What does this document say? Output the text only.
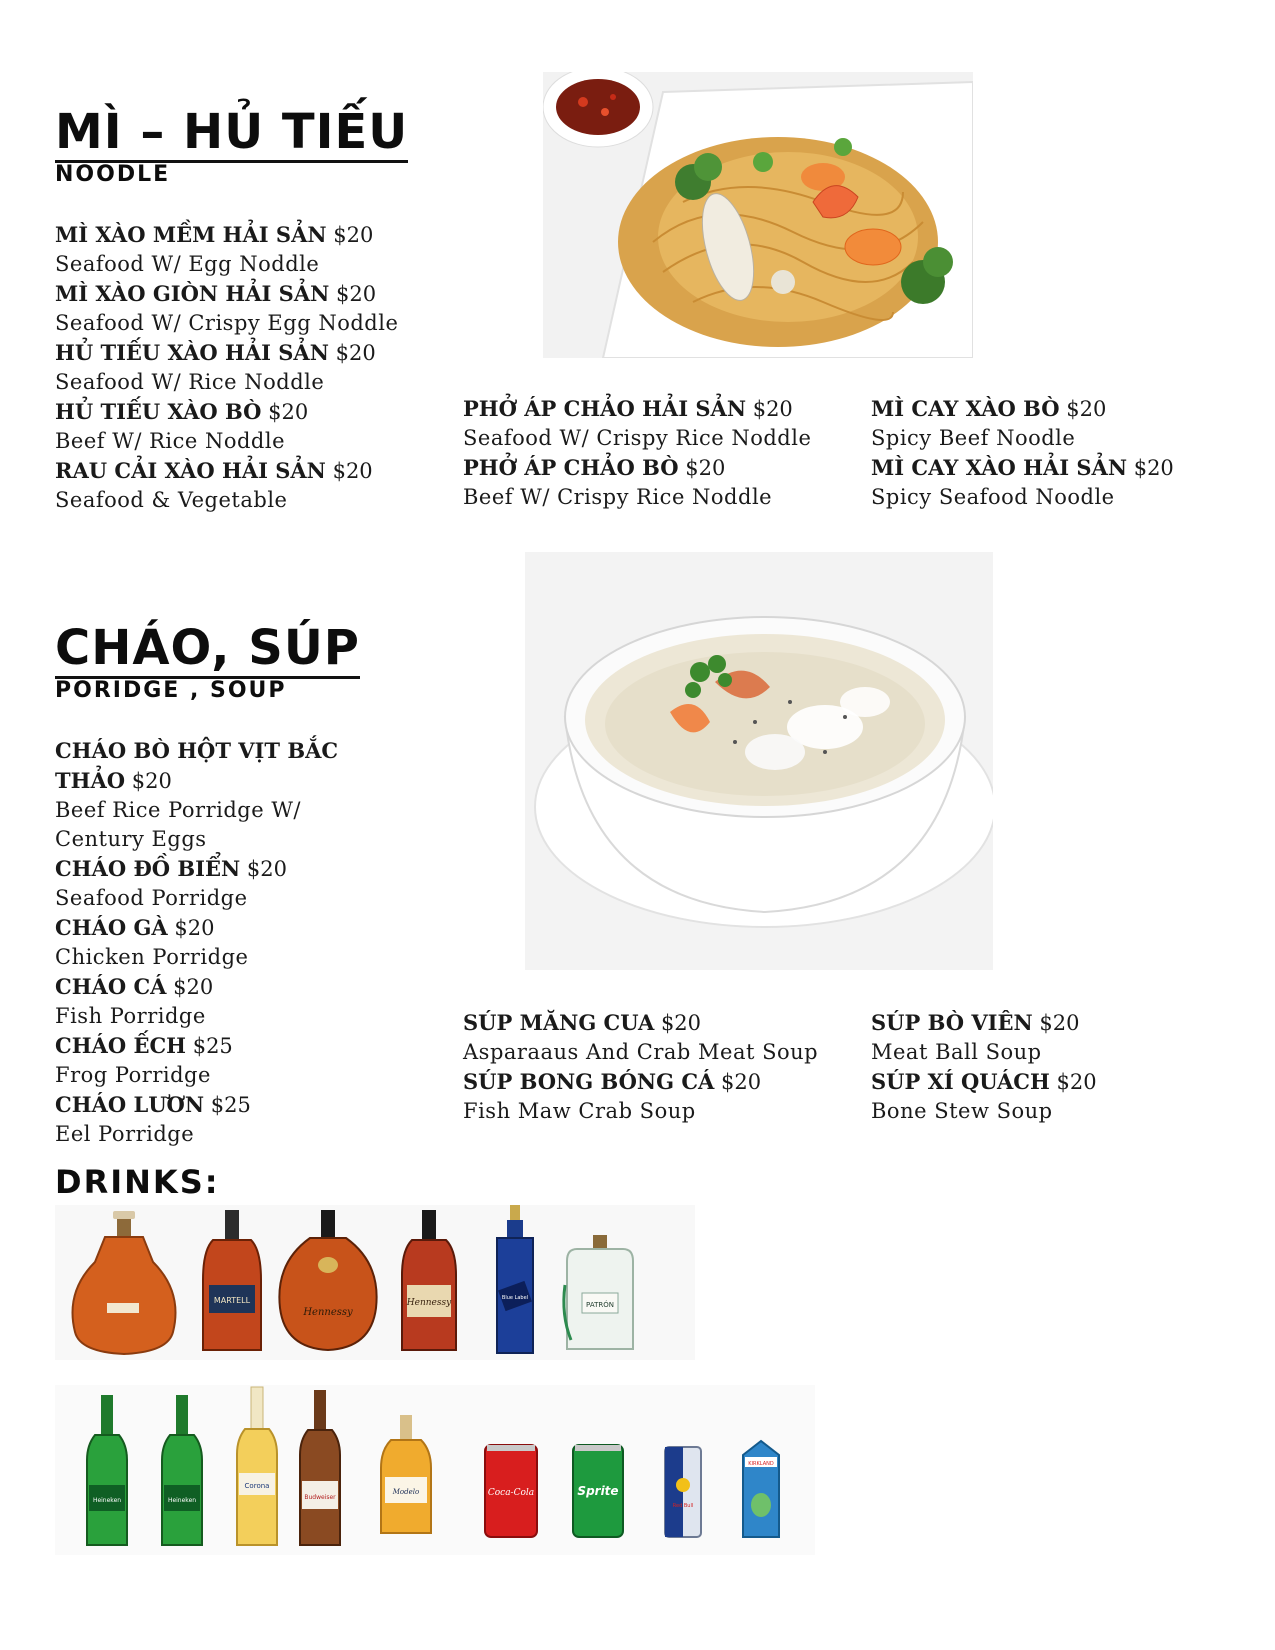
MÌ – HỦ TIẾU
NOODLE
MÌ XÀO MỀM HẢI SẢN $20
Seafood W/ Egg Noddle
MÌ XÀO GIÒN HẢI SẢN $20
Seafood W/ Crispy Egg Noddle
HỦ TIẾU XÀO HẢI SẢN $20
Seafood W/ Rice Noddle
HỦ TIẾU XÀO BÒ $20
Beef W/ Rice Noddle
RAU CẢI XÀO HẢI SẢN $20
Seafood & Vegetable
PHỞ ÁP CHẢO HẢI SẢN $20
Seafood W/ Crispy Rice Noddle
PHỞ ÁP CHẢO BÒ $20
Beef W/ Crispy Rice Noddle
MÌ CAY XÀO BÒ $20
Spicy Beef Noodle
MÌ CAY XÀO HẢI SẢN $20
Spicy Seafood Noodle
CHÁO, SÚP
PORIDGE , SOUP
CHÁO BÒ HỘT VỊT BẮC THẢO $20
Beef Rice Porridge W/ Century Eggs
CHÁO ĐỒ BIỂN $20
Seafood Porridge
CHÁO GÀ $20
Chicken Porridge
CHÁO CÁ $20
Fish Porridge
CHÁO ẾCH $25
Frog Porridge
CHÁO LƯƠN $25
Eel Porridge
SÚP MĂNG CUA $20
Asparaaus And Crab Meat Soup
SÚP BONG BÓNG CÁ $20
Fish Maw Crab Soup
SÚP BÒ VIÊN $20
Meat Ball Soup
SÚP XÍ QUÁCH $20
Bone Stew Soup
DRINKS:
MARTELL
Hennessy
Hennessy	Blue Label
PATRÓN
Heineken	Heineken
Corona
Budweiser
Modelo	Coca-Cola	Sprite
Red Bull
KIRKLAND
